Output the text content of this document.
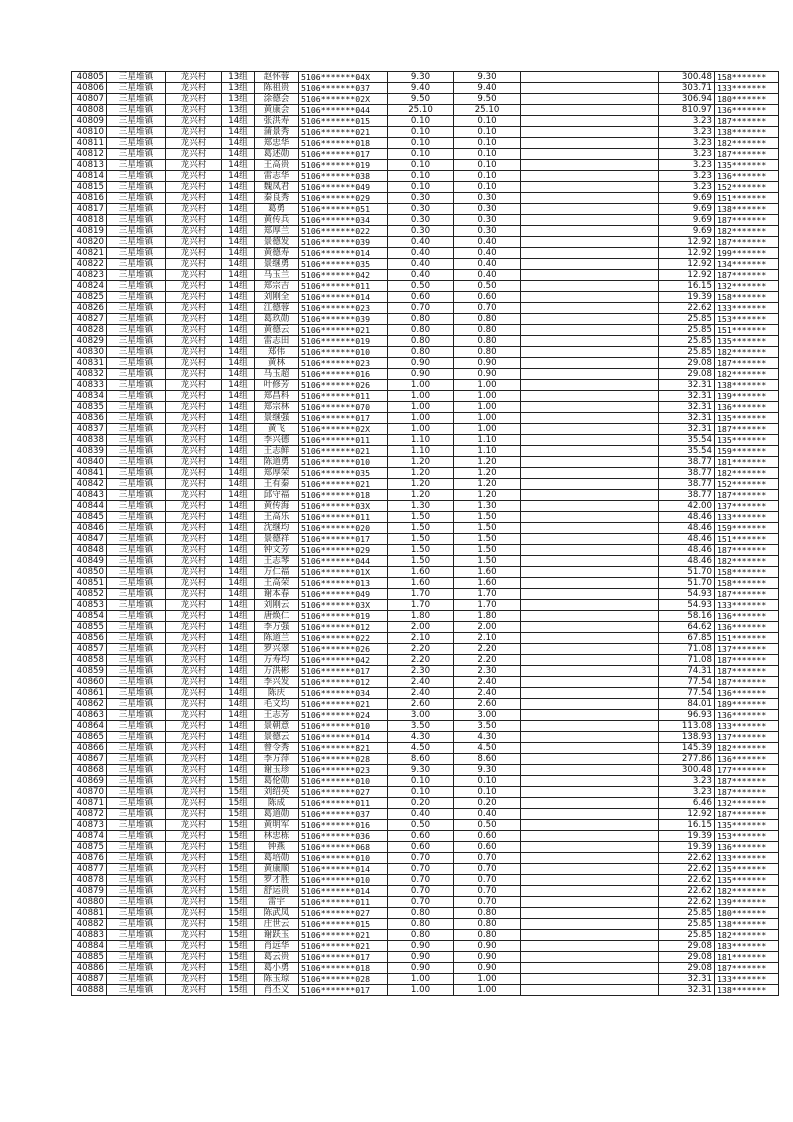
40805	三星堆镇	龙兴村	13组	赵怀蓉	5106*******04X	9.30	9.30		300.48	158*******
40806	三星堆镇	龙兴村	13组	陈祖贵	5106*******037	9.40	9.40		303.71	133*******
40807	三星堆镇	龙兴村	13组	涂德会	5106*******02X	9.50	9.50		306.94	180*******
40808	三星堆镇	龙兴村	13组	黄康会	5106*******044	25.10	25.10		810.97	136*******
40809	三星堆镇	龙兴村	14组	张洪寿	5106*******015	0.10	0.10		3.23	187*******
40810	三星堆镇	龙兴村	14组	蒲景秀	5106*******021	0.10	0.10		3.23	138*******
40811	三星堆镇	龙兴村	14组	郑忠华	5106*******018	0.10	0.10		3.23	182*******
40812	三星堆镇	龙兴村	14组	葛述勋	5106*******017	0.10	0.10		3.23	187*******
40813	三星堆镇	龙兴村	14组	王高贵	5106*******019	0.10	0.10		3.23	135*******
40814	三星堆镇	龙兴村	14组	雷志华	5106*******038	0.10	0.10		3.23	136*******
40815	三星堆镇	龙兴村	14组	魏凤君	5106*******049	0.10	0.10		3.23	152*******
40816	三星堆镇	龙兴村	14组	秦良秀	5106*******029	0.30	0.30		9.69	151*******
40817	三星堆镇	龙兴村	14组	葛勇	5106*******051	0.30	0.30		9.69	138*******
40818	三星堆镇	龙兴村	14组	黄传兵	5106*******034	0.30	0.30		9.69	187*******
40819	三星堆镇	龙兴村	14组	郑厚兰	5106*******022	0.30	0.30		9.69	182*******
40820	三星堆镇	龙兴村	14组	景德发	5106*******039	0.40	0.40		12.92	187*******
40821	三星堆镇	龙兴村	14组	黄德寿	5106*******014	0.40	0.40		12.92	199*******
40822	三星堆镇	龙兴村	14组	景继勇	5106*******035	0.40	0.40		12.92	134*******
40823	三星堆镇	龙兴村	14组	马玉兰	5106*******042	0.40	0.40		12.92	187*******
40824	三星堆镇	龙兴村	14组	郑宗吉	5106*******011	0.50	0.50		16.15	132*******
40825	三星堆镇	龙兴村	14组	刘刚全	5106*******014	0.60	0.60		19.39	158*******
40826	三星堆镇	龙兴村	14组	江德蓉	5106*******023	0.70	0.70		22.62	133*******
40827	三星堆镇	龙兴村	14组	葛玖勋	5106*******039	0.80	0.80		25.85	153*******
40828	三星堆镇	龙兴村	14组	黄德云	5106*******021	0.80	0.80		25.85	151*******
40829	三星堆镇	龙兴村	14组	雷志田	5106*******019	0.80	0.80		25.85	135*******
40830	三星堆镇	龙兴村	14组	郑伟	5106*******010	0.80	0.80		25.85	182*******
40831	三星堆镇	龙兴村	14组	黄林	5106*******023	0.90	0.90		29.08	187*******
40832	三星堆镇	龙兴村	14组	马玉超	5106*******016	0.90	0.90		29.08	182*******
40833	三星堆镇	龙兴村	14组	叶修芳	5106*******026	1.00	1.00		32.31	138*******
40834	三星堆镇	龙兴村	14组	郑昌科	5106*******011	1.00	1.00		32.31	139*******
40835	三星堆镇	龙兴村	14组	郑宗林	5106*******070	1.00	1.00		32.31	136*******
40836	三星堆镇	龙兴村	14组	景继强	5106*******017	1.00	1.00		32.31	135*******
40837	三星堆镇	龙兴村	14组	黄飞	5106*******02X	1.00	1.00		32.31	187*******
40838	三星堆镇	龙兴村	14组	李兴德	5106*******011	1.10	1.10		35.54	135*******
40839	三星堆镇	龙兴村	14组	王志鲜	5106*******021	1.10	1.10		35.54	159*******
40840	三星堆镇	龙兴村	14组	陈道勇	5106*******010	1.20	1.20		38.77	181*******
40841	三星堆镇	龙兴村	14组	郑厚荣	5106*******035	1.20	1.20		38.77	182*******
40842	三星堆镇	龙兴村	14组	王有秦	5106*******021	1.20	1.20		38.77	152*******
40843	三星堆镇	龙兴村	14组	邱守福	5106*******018	1.20	1.20		38.77	187*******
40844	三星堆镇	龙兴村	14组	黄传海	5106*******03X	1.30	1.30		42.00	137*******
40845	三星堆镇	龙兴村	14组	王高乐	5106*******011	1.50	1.50		48.46	133*******
40846	三星堆镇	龙兴村	14组	沈继均	5106*******020	1.50	1.50		48.46	159*******
40847	三星堆镇	龙兴村	14组	景德祥	5106*******017	1.50	1.50		48.46	151*******
40848	三星堆镇	龙兴村	14组	钟文芳	5106*******029	1.50	1.50		48.46	187*******
40849	三星堆镇	龙兴村	14组	王志琴	5106*******044	1.50	1.50		48.46	182*******
40850	三星堆镇	龙兴村	14组	万仁福	5106*******01X	1.60	1.60		51.70	158*******
40851	三星堆镇	龙兴村	14组	王高荣	5106*******013	1.60	1.60		51.70	158*******
40852	三星堆镇	龙兴村	14组	谢本春	5106*******049	1.70	1.70		54.93	187*******
40853	三星堆镇	龙兴村	14组	刘刚云	5106*******03X	1.70	1.70		54.93	133*******
40854	三星堆镇	龙兴村	14组	唐焕仁	5106*******019	1.80	1.80		58.16	136*******
40855	三星堆镇	龙兴村	14组	李万强	5106*******012	2.00	2.00		64.62	136*******
40856	三星堆镇	龙兴村	14组	陈道兰	5106*******022	2.10	2.10		67.85	151*******
40857	三星堆镇	龙兴村	14组	罗兴翠	5106*******026	2.20	2.20		71.08	137*******
40858	三星堆镇	龙兴村	14组	万寿均	5106*******042	2.20	2.20		71.08	187*******
40859	三星堆镇	龙兴村	14组	万洪彬	5106*******017	2.30	2.30		74.31	187*******
40860	三星堆镇	龙兴村	14组	李兴发	5106*******012	2.40	2.40		77.54	187*******
40861	三星堆镇	龙兴村	14组	陈庆	5106*******034	2.40	2.40		77.54	136*******
40862	三星堆镇	龙兴村	14组	毛文均	5106*******021	2.60	2.60		84.01	189*******
40863	三星堆镇	龙兴村	14组	王志芳	5106*******024	3.00	3.00		96.93	136*******
40864	三星堆镇	龙兴村	14组	景朝意	5106*******010	3.50	3.50		113.08	133*******
40865	三星堆镇	龙兴村	14组	景德云	5106*******014	4.30	4.30		138.93	137*******
40866	三星堆镇	龙兴村	14组	曾令秀	5106*******821	4.50	4.50		145.39	182*******
40867	三星堆镇	龙兴村	14组	李万萍	5106*******028	8.60	8.60		277.86	136*******
40868	三星堆镇	龙兴村	14组	谢玉珍	5106*******023	9.30	9.30		300.48	177*******
40869	三星堆镇	龙兴村	15组	葛伦勋	5106*******010	0.10	0.10		3.23	187*******
40870	三星堆镇	龙兴村	15组	刘绍英	5106*******027	0.10	0.10		3.23	187*******
40871	三星堆镇	龙兴村	15组	陈成	5106*******011	0.20	0.20		6.46	132*******
40872	三星堆镇	龙兴村	15组	葛道勋	5106*******037	0.40	0.40		12.92	187*******
40873	三星堆镇	龙兴村	15组	黄明军	5106*******016	0.50	0.50		16.15	135*******
40874	三星堆镇	龙兴村	15组	林忠栋	5106*******036	0.60	0.60		19.39	153*******
40875	三星堆镇	龙兴村	15组	钟燕	5106*******068	0.60	0.60		19.39	136*******
40876	三星堆镇	龙兴村	15组	葛培勋	5106*******010	0.70	0.70		22.62	133*******
40877	三星堆镇	龙兴村	15组	黄康顺	5106*******014	0.70	0.70		22.62	135*******
40878	三星堆镇	龙兴村	15组	罗才胜	5106*******010	0.70	0.70		22.62	135*******
40879	三星堆镇	龙兴村	15组	舒运贵	5106*******014	0.70	0.70		22.62	182*******
40880	三星堆镇	龙兴村	15组	雷宇	5106*******011	0.70	0.70		22.62	139*******
40881	三星堆镇	龙兴村	15组	陈武凤	5106*******027	0.80	0.80		25.85	180*******
40882	三星堆镇	龙兴村	15组	庄世云	5106*******015	0.80	0.80		25.85	138*******
40883	三星堆镇	龙兴村	15组	谢跃玉	5106*******021	0.80	0.80		25.85	182*******
40884	三星堆镇	龙兴村	15组	肖远华	5106*******021	0.90	0.90		29.08	183*******
40885	三星堆镇	龙兴村	15组	葛云贵	5106*******017	0.90	0.90		29.08	181*******
40886	三星堆镇	龙兴村	15组	葛小勇	5106*******018	0.90	0.90		29.08	187*******
40887	三星堆镇	龙兴村	15组	陈玉琼	5106*******028	1.00	1.00		32.31	133*******
40888	三星堆镇	龙兴村	15组	肖丕义	5106*******017	1.00	1.00		32.31	138*******
